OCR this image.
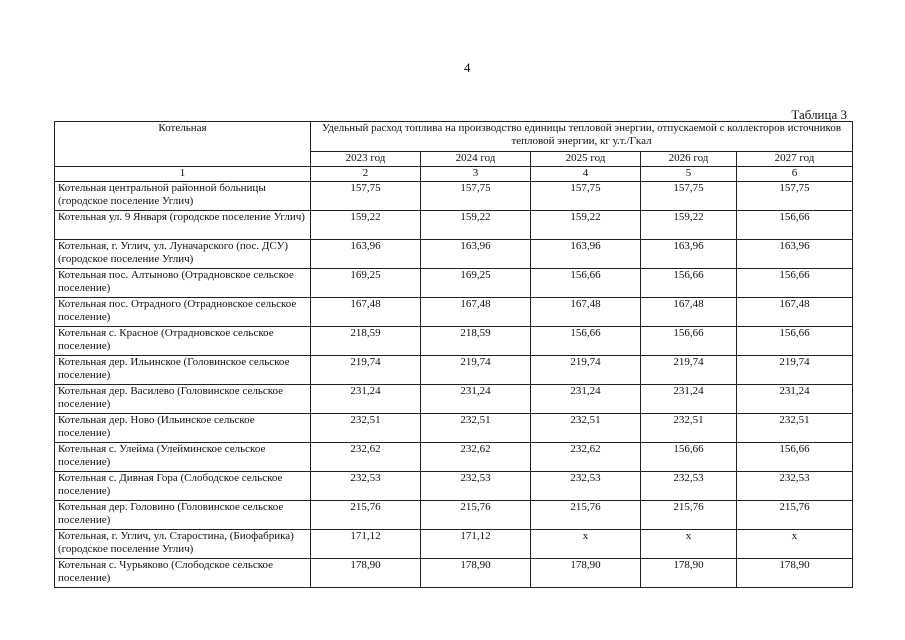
4
Таблица 3
Котельная	Удельный расход топлива на производство единицы тепловой энергии, отпускаемой с коллекторов источников тепловой энергии, кг у.т./Гкал				
	2023 год	2024 год	2025 год	2026 год	2027 год
1	2	3	4	5	6
Котельная центральной районной больницы (городское поселение Углич)	157,75	157,75	157,75	157,75	157,75
Котельная ул. 9 Января (городское поселение Углич)	159,22	159,22	159,22	159,22	156,66
Котельная, г. Углич, ул. Луначарского (пос. ДСУ) (городское поселение Углич)	163,96	163,96	163,96	163,96	163,96
Котельная пос. Алтыново (Отрадновское сельское поселение)	169,25	169,25	156,66	156,66	156,66
Котельная пос. Отрадного (Отрадновское сельское поселение)	167,48	167,48	167,48	167,48	167,48
Котельная с. Красное (Отрадновское сельское поселение)	218,59	218,59	156,66	156,66	156,66
Котельная дер. Ильинское (Головинское сельское поселение)	219,74	219,74	219,74	219,74	219,74
Котельная дер. Василево (Головинское сельское поселение)	231,24	231,24	231,24	231,24	231,24
Котельная дер. Ново (Ильинское сельское поселение)	232,51	232,51	232,51	232,51	232,51
Котельная с. Улейма (Улейминское сельское поселение)	232,62	232,62	232,62	156,66	156,66
Котельная с. Дивная Гора (Слободское сельское поселение)	232,53	232,53	232,53	232,53	232,53
Котельная дер. Головино (Головинское сельское поселение)	215,76	215,76	215,76	215,76	215,76
Котельная, г. Углич, ул. Старостина, (Биофабрика) (городское поселение Углич)	171,12	171,12	х	х	х
Котельная с. Чурьяково (Слободское сельское поселение)	178,90	178,90	178,90	178,90	178,90
